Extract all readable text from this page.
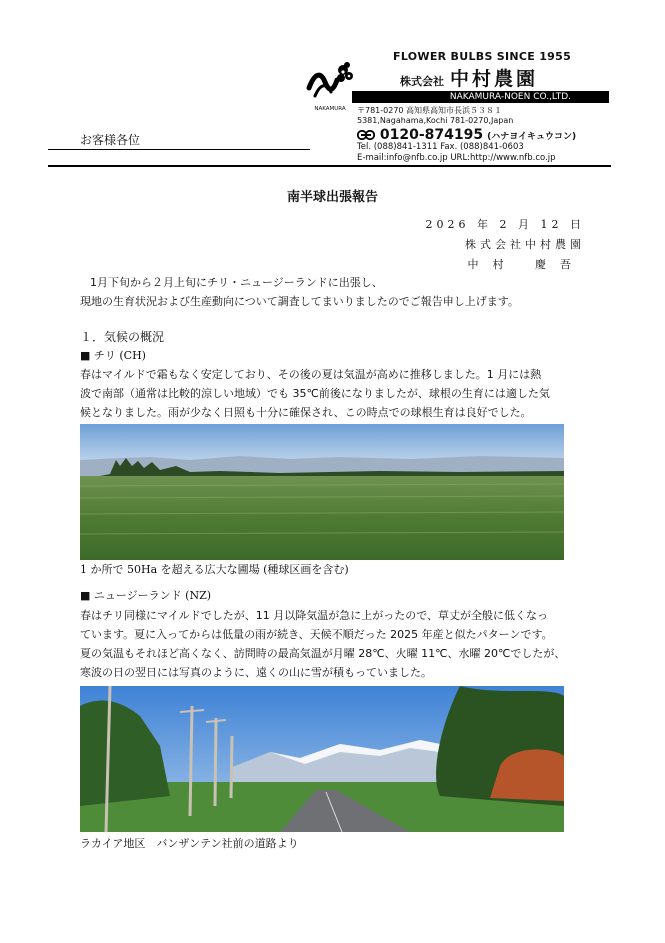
NAKAMURA
FLOWER BULBS SINCE 1955
株式会社 中村農園
NAKAMURA-NOEN CO.,LTD.
〒781-0270 高知県高知市長浜５３８１
5381,Nagahama,Kochi 781-0270,Japan
0120-874195 (ハナヨイキュウコン)
Tel. (088)841-1311 Fax. (088)841-0603
E-mail:info@nfb.co.jp URL:http://www.nfb.co.jp
お客様各位
南半球出張報告
2026 年 2 月 12 日
株式会社中村農園
中村 慶吾
1月下旬から２月上旬にチリ・ニュージーランドに出張し、
現地の生育状況および生産動向について調査してまいりましたのでご報告申し上げます。
１．気候の概況
■ チリ (CH)
春はマイルドで霜もなく安定しており、その後の夏は気温が高めに推移しました。1 月には熱
波で南部（通常は比較的涼しい地域）でも 35℃前後になりましたが、球根の生育には適した気
候となりました。雨が少なく日照も十分に確保され、この時点での球根生育は良好でした。
1 か所で 50Ha を超える広大な圃場 (種球区画を含む)
■ ニュージーランド (NZ)
春はチリ同様にマイルドでしたが、11 月以降気温が急に上がったので、草丈が全般に低くなっ
ています。夏に入ってからは低量の雨が続き、天候不順だった 2025 年産と似たパターンです。
夏の気温もそれほど高くなく、訪問時の最高気温が月曜 28℃、火曜 11℃、水曜 20℃でしたが、
寒波の日の翌日には写真のように、遠くの山に雪が積もっていました。
ラカイア地区　バンザンテン社前の道路より
